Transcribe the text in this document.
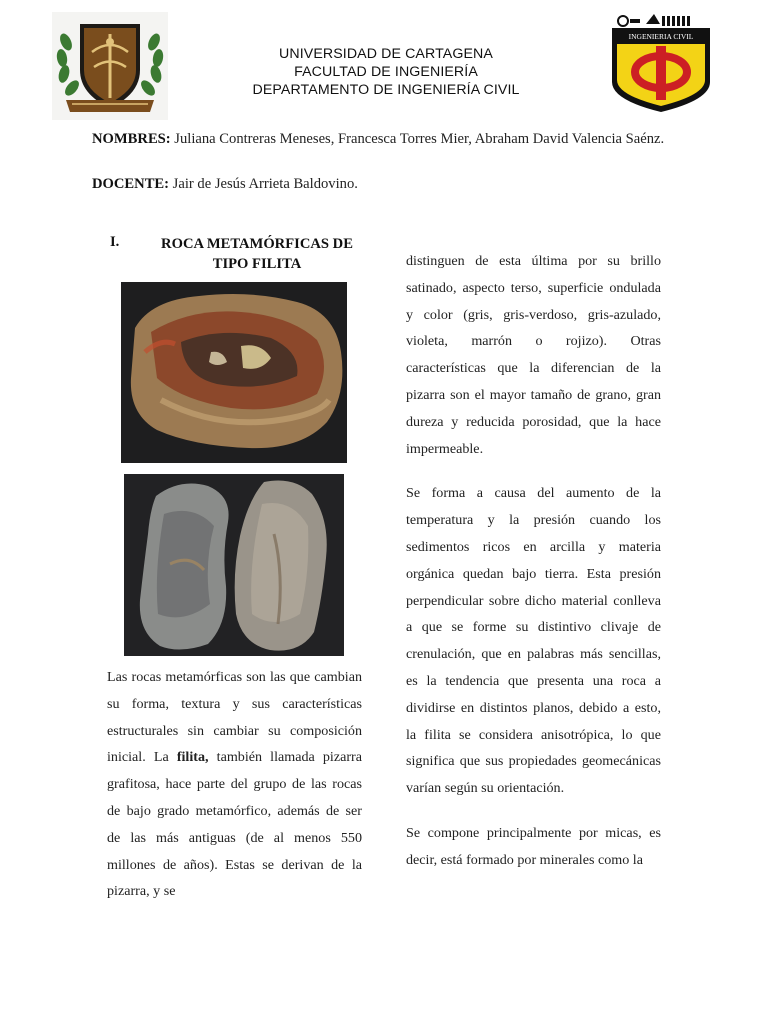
UNIVERSIDAD DE CARTAGENA
FACULTAD DE INGENIERÍA
DEPARTAMENTO DE INGENIERÍA CIVIL
INGENIERIA CIVIL
NOMBRES: Juliana Contreras Meneses, Francesca Torres Mier, Abraham David Valencia Saénz.
DOCENTE: Jair de Jesús Arrieta Baldovino.
I.	ROCA METAMÓRFICAS DE TIPO FILITA

Las rocas metamórficas son las que cambian su forma, textura y sus características estructurales sin cambiar su composición inicial. La filita, también llamada pizarra grafitosa, hace parte del grupo de las rocas de bajo grado metamórfico, además de ser de las más antiguas (de al menos 550 millones de años). Estas se derivan de la pizarra, y se

distinguen de esta última por su brillo satinado, aspecto terso, superficie ondulada y color (gris, gris-verdoso, gris-azulado, violeta, marrón o rojizo). Otras características que la diferencian de la pizarra son el mayor tamaño de grano, gran dureza y reducida porosidad, que la hace impermeable.

Se forma a causa del aumento de la temperatura y la presión cuando los sedimentos ricos en arcilla y materia orgánica quedan bajo tierra. Esta presión perpendicular sobre dicho material conlleva a que se forme su distintivo clivaje de crenulación, que en palabras más sencillas, es la tendencia que presenta una roca a dividirse en distintos planos, debido a esto, la filita se considera anisotrópica, lo que significa que sus propiedades geomecánicas varían según su orientación.

Se compone principalmente por micas, es decir, está formado por minerales como la
